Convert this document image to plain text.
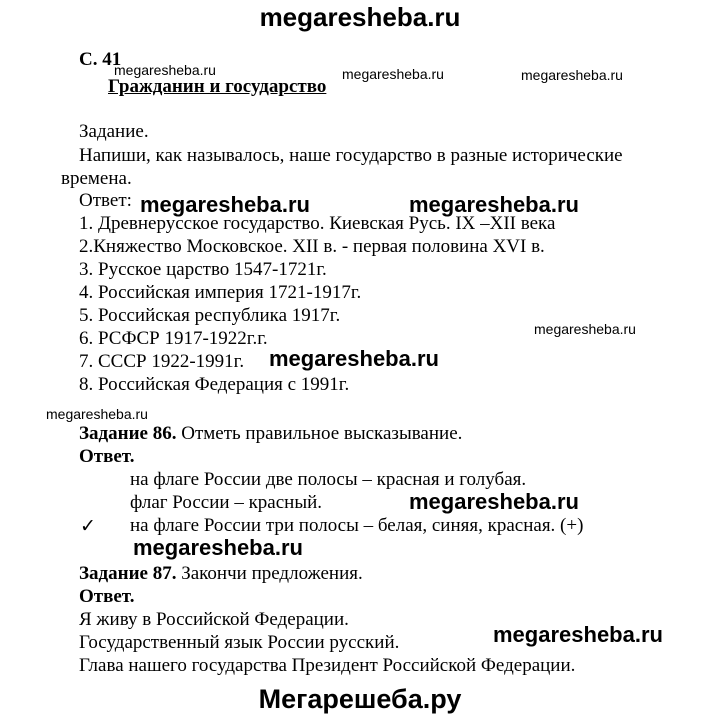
megaresheba.ru
megaresheba.ru	megaresheba.ru	megaresheba.ru
megaresheba.ru
megaresheba.ru
megaresheba.ru	megaresheba.ru
megaresheba.ru
megaresheba.ru
megaresheba.ru
megaresheba.ru
С. 41
Гражданин и государство
Задание.
Напиши, как называлось, наше государство в разные исторические
времена.
Ответ:
1. Древнерусское государство. Киевская Русь. IX –XII века
2.Княжество Московское. XII в. - первая половина XVI в.
3. Русское царство 1547-1721г.
4. Российская империя 1721-1917г.
5. Российская республика 1917г.
6. РСФСР 1917-1922г.г.
7. СССР 1922-1991г.
8. Российская Федерация с 1991г.
Задание 86. Отметь правильное высказывание.
Ответ.
на флаге России две полосы – красная и голубая.
флаг России – красный.
✓ на флаге России три полосы – белая, синяя, красная. (+)
Задание 87. Закончи предложения.
Ответ.
Я живу в Российской Федерации.
Государственный язык России русский.
Глава нашего государства Президент Российской Федерации.
Мегарешеба.ру
